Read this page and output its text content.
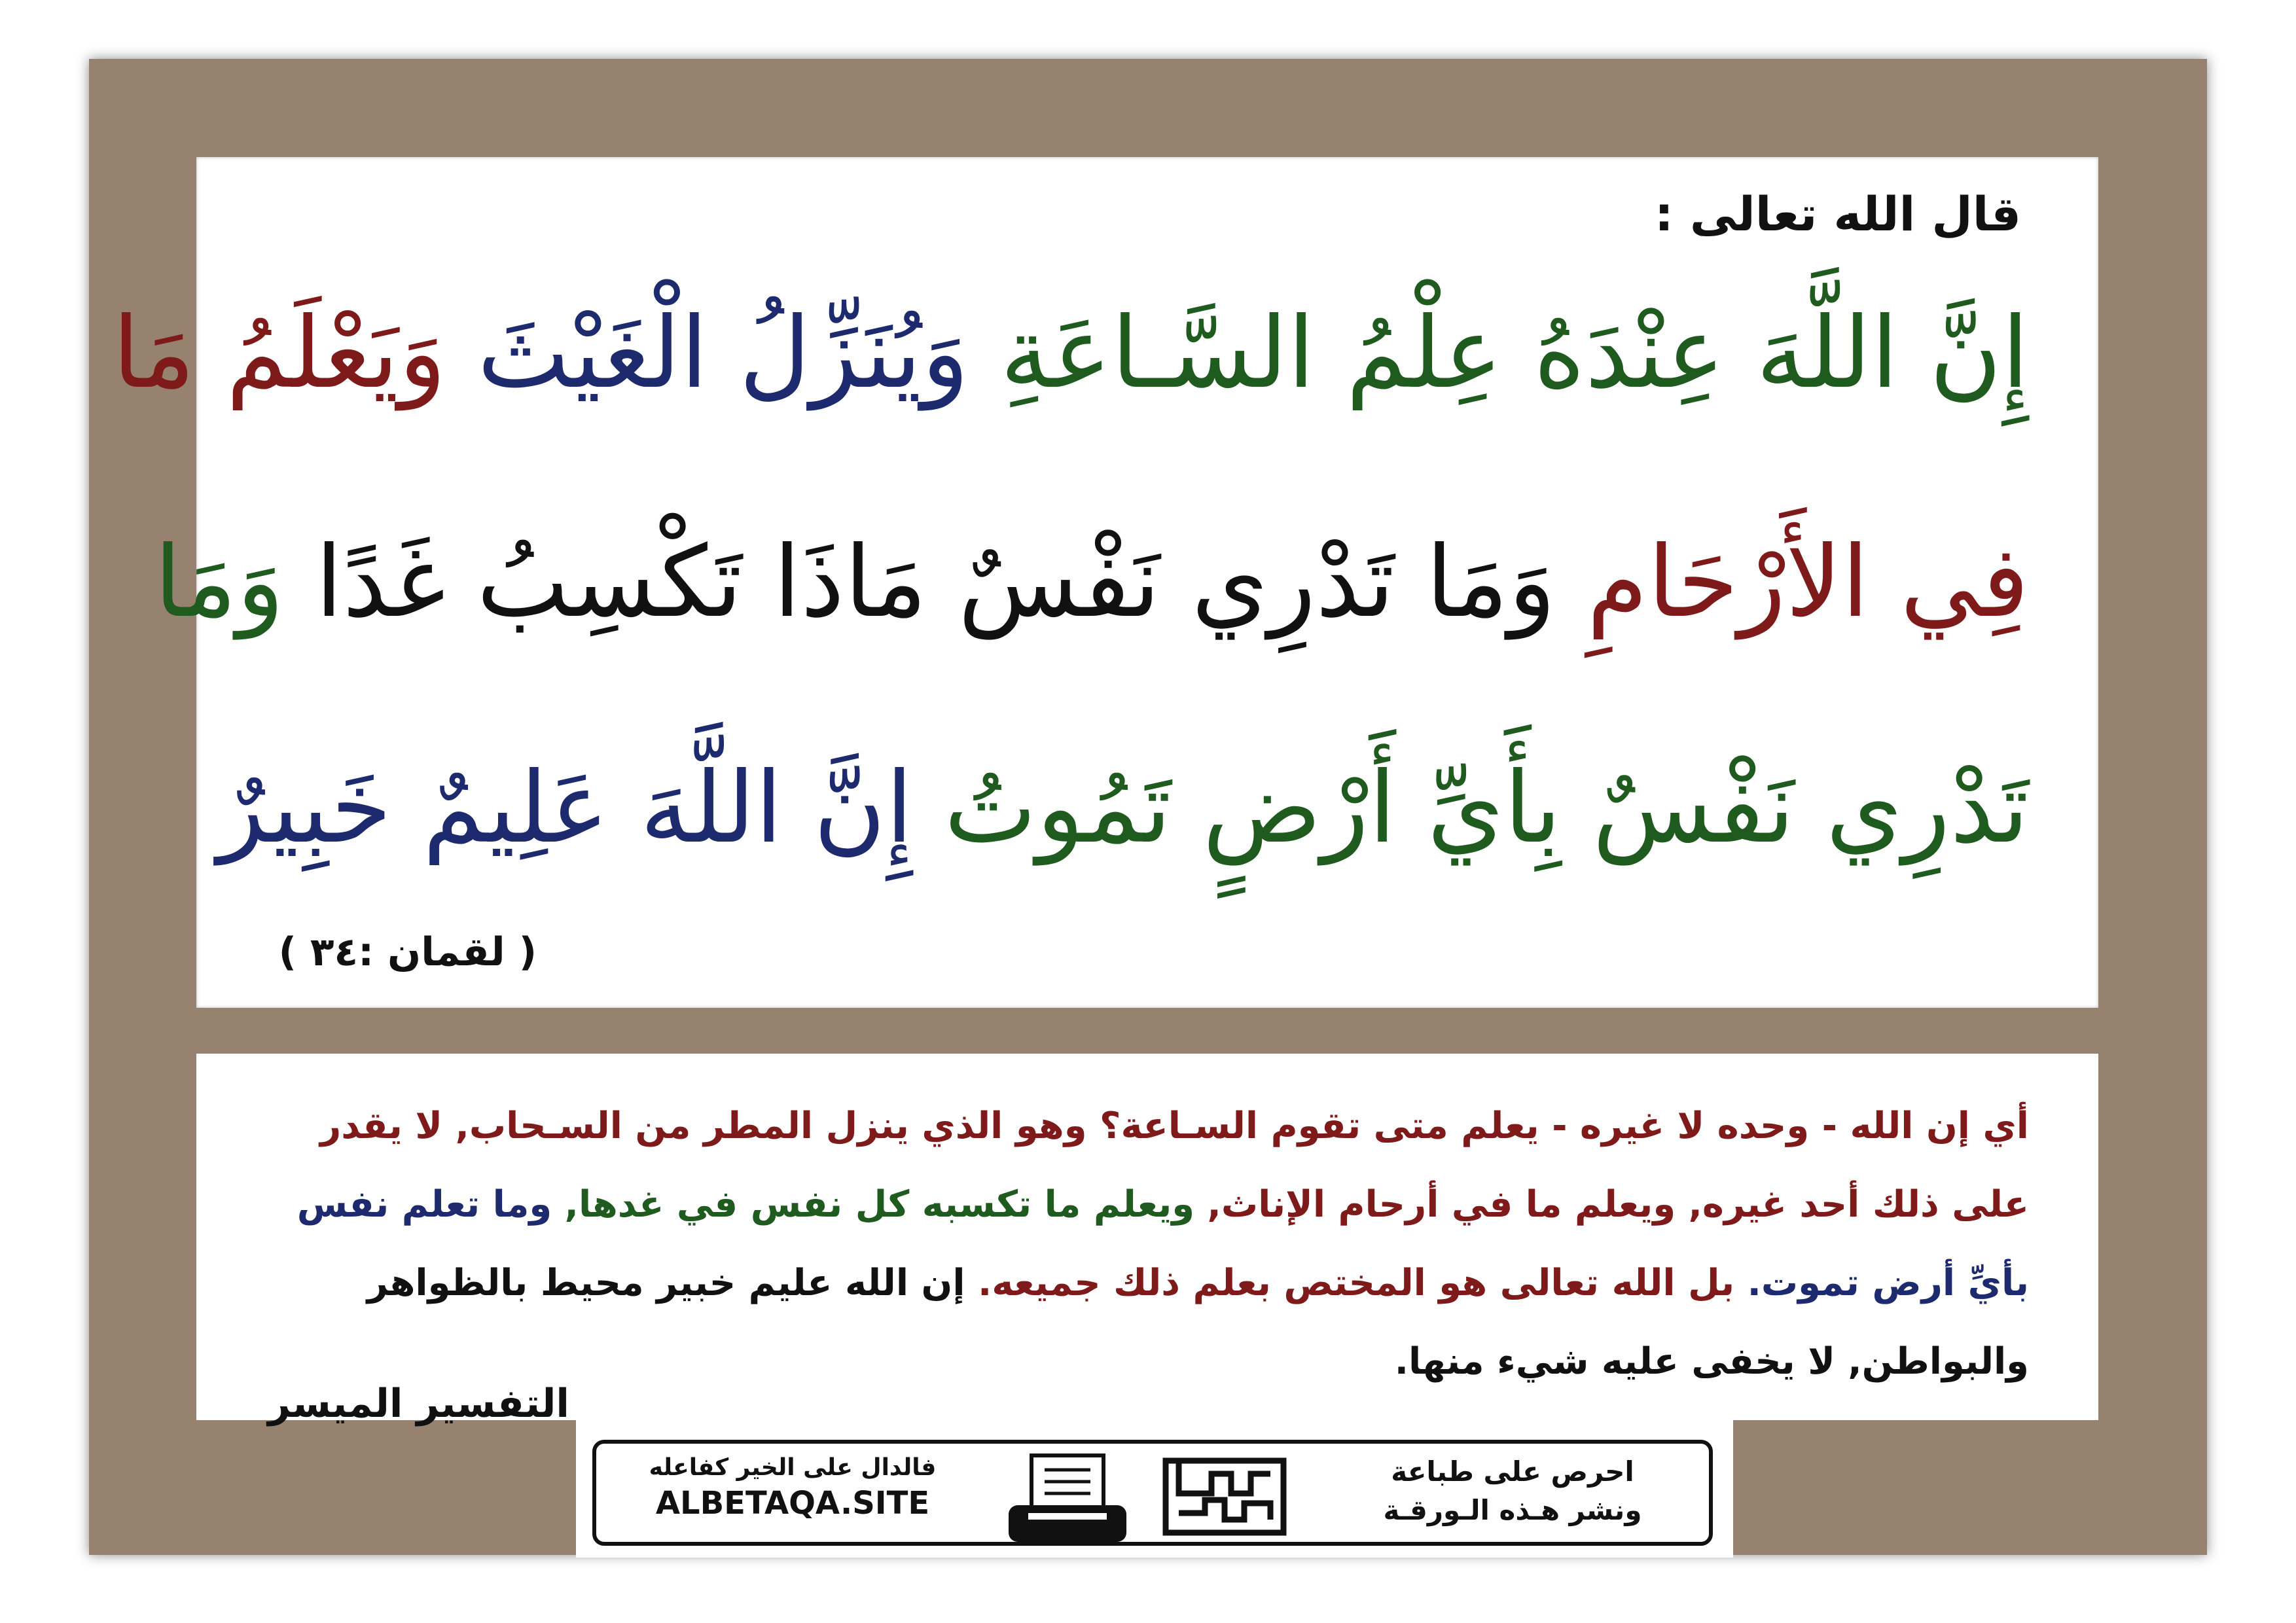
قال الله تعالى :
إِنَّ اللَّهَ عِنْدَهُ عِلْمُ السَّـاعَةِ وَيُنَزِّلُ الْغَيْثَ وَيَعْلَمُ مَا
فِي الأَرْحَامِ وَمَا تَدْرِي نَفْسٌ مَاذَا تَكْسِبُ غَدًا وَمَا
تَدْرِي نَفْسٌ بِأَيِّ أَرْضٍ تَمُوتُ إِنَّ اللَّهَ عَلِيمٌ خَبِيرٌ
( لقمان :٣٤ )
أي إن الله - وحده لا غيره - يعلم متى تقوم السـاعة؟ وهو الذي ينزل المطر من السـحاب, لا يقدر
على ذلك أحد غيره, ويعلم ما في أرحام الإناث, ويعلم ما تكسبه كل نفس في غدها, وما تعلم نفس
بأيِّ أرض تموت. بل الله تعالى هو المختص بعلم ذلك جميعه. إن الله عليم خبير محيط بالظواهر
والبواطن, لا يخفى عليه شيء منها.
التفسير الميسر
فالدال على الخير كفاعله
ALBETAQA.SITE
احرص على طباعة
ونشر هـذه الـورقـة
